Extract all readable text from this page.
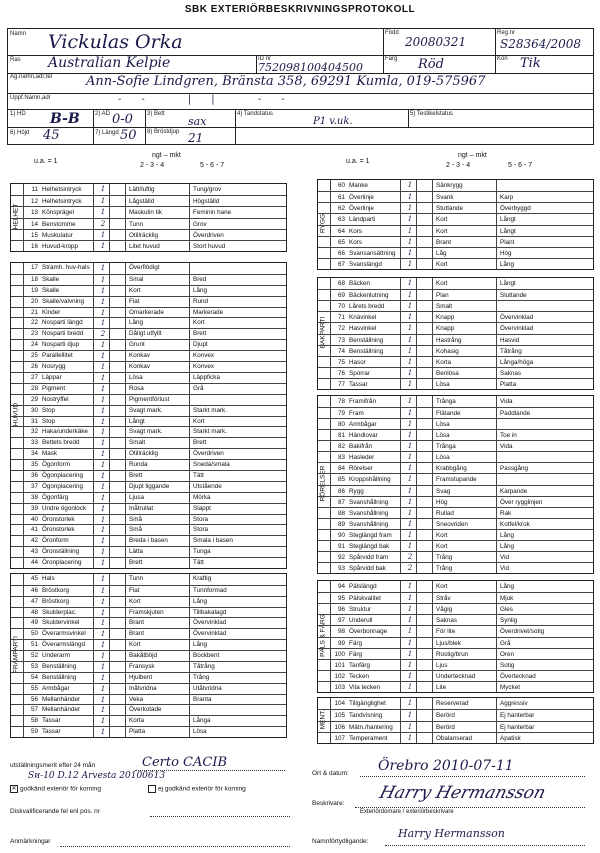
SBK EXTERIÖRBESKRIVNINGSPROTOKOLL
Namn Vickulas Orka	Född
20080321
Reg.nr
S28364/2008
Ras Australian Kelpie	ID nr
752098100404500
Färg Röd	Kön Tik
Ag.namn,adr,tel	Ann-Sofie Lindgren, Bränsta 358, 69291 Kumla, 019-575967
Uppf.Namn,adr	-- || --
1) HD B-B	2) AD 0-0 3) Bett
sax
4) Tandstatus
P1 v.uk.
5) Testikelstatus
6) Höjd 45	7) Längd 50 8) Bröstdjup 21
u.a. = 1
ngt – mkt
2 - 3 - 4	5 - 6 - 7
u.a. = 1
ngt – mkt
2 - 3 - 4	5 - 6 - 7
HELHET
11 Helhetsintryck	1	Lätt/luftig	Tung/grov
12 Helhetsintryck	1	Lågställd	Högställd
13 Könsprägel	1	Maskulin tik	Feminin hane
14 Benstomme	2	Tunn	Grov
15 Muskulatur	1	Otillräcklig	Överdriven
16 Huvud-kropp	1	Litet huvud	Stort huvud
HUVUD
17 Stramh. huv-hals	1	Överflödigt
18 Skalle	1	Smal	Bred
19 Skalle	1	Kort	Lång
20 Skalle/valvning	1	Flat	Rund
21 Kinder	1	Omarkerade	Markerade
22 Nosparti längd	1	Lång	Kort
23 Nosparti bredd	2	Dåligt utfyllt	Brett
24 Nosparti djup	1	Grunt	Djupt
25 Parallellitet	1	Konkav	Konvex
26 Nosrygg	1	Konkav	Konvex
27 Läppar	1	Lösa	Läppficka
28 Pigment	1	Rosa	Grå
29 Nostryffel	1	Pigmentförlust
30 Stop	1	Svagt mark.	Starkt mark.
31 Stop	1	Långt	Kort
32 Haka/underkäke	1	Svagt mark.	Starkt mark.
33 Bettets bredd	1	Smalt	Brett
34 Mask	1	Otillräcklig	Överdriven
35 Ögonform	1	Runda	Sneda/smala
36 Ögonplacering	1	Brett	Tätt
37 Ögonplacering	1	Djupt liggande	Utstående
38 Ögonfärg	1	Ljusa	Mörka
39 Undre ögonlock	1	Inåtrullat	Slappt
40 Öronstorlek	1	Små	Stora
41 Öronstorlek	1	Små	Stora
42 Öronform	1	Breda i basen	Smala i basen
43 Öronställning	1	Lätta	Tunga
44 Öronplacering	1	Brett	Tätt
FRAMPARTI
45 Hals	1	Tunn	Kraftig
46 Bröstkorg	1	Flat	Tunnformad
47 Bröstkorg	1	Kort	Lång
48 Skulderplac.	1	Framskjuten	Tillbakalagd
49 Skuldervinkel	1	Brant	Övervinklad
50 Överarmsvinkel	1	Brant	Övervinklad
51 Överarmslängd	1	Kort	Lång
52 Underarm	1	Bakåtböjd	Bockbent
53 Benställning	1	Fransysk	Tåtrång
54 Benställning	1	Hjulbent	Trång
55 Armbågar	1	Inåtvridna	Utåtvridna
56 Mellanhänder	1	Veka	Branta
57 Mellanhänder	1	Överkotade
58 Tassar	1	Korta	Långa
59 Tassar	1	Platta	Lösa
RYGG
60 Manke	1	Sänkrygg
61 Överlinje	1	Svank	Karp
62 Överlinje	1	Stuttande	Överbyggd
63 Ländparti	1	Kort	Långt
64 Kors	1	Kort	Långt
65 Kors	1	Brant	Plant
66 Svansansättning	1	Låg	Hög
67 Svanslängd	1	Kort	Lång
BAKPARTI
68 Bäcken	1	Kort	Långt
69 Bäckenlutning	1	Plan	Sluttande
70 Lårets bredd	1	Smalt
71 Knävinkel	1	Knapp	Övervinklad
72 Hasvinkel	1	Knapp	Övervinklad
73 Benställning	1	Hastrång	Hasvid
74 Benställning	1	Kohasig	Tåtrång
75 Hasor	1	Korta	Långa/höga
76 Sporrar	1	Benlösa	Saknas
77 Tassar	1	Lösa	Platta
RÖRELSER
78 Framifrån	1	Trånga	Vida
79 Fram	1	Flätande	Paddlande
80 Armbågar	1	Lösa
81 Händlovar	1	Lösa	Toe in
82 Bakifrån	1	Trånga	Vida
83 Hasleder	1	Lösa
84 Rörelser	1	Krabbgång	Passgång
85 Kroppshållning	1	Framstupande
86 Rygg	1	Svag	Karpande
87 Svanshållning	1	Hög	Över rygglinjen
88 Svanshållning	1	Rullad	Rak
89 Svanshållning	1	Sneovriden	Kotfel/krok
90 Steglängd fram	1	Kort	Lång
91 Steglängd bak	1	Kort	Lång
92 Spårvidd fram	2	Trång	Vid
93 Spårvidd bak	2	Trång	Vid
PÄLS & FÄRG
94 Pälslängd	1	Kort	Lång
95 Pälskvalitet	1	Stråv	Mjuk
96 Struktur	1	Vågig	Gles
97 Underull	1	Saknas	Synlig
98 Överbonnage	1	För lite	Överdrivet/sotig
99 Färg	1	Ljus/blek	Grå
100 Färg	1	Rostig/brun	Oren
101 Tanfärg	1	Ljus	Sotig
102 Tecken	1	Undertecknad	Övertecknad
103 Vita tecken	1	Lite	Mycket
MENT.
104 Tillgänglighet	1	Reserverad	Aggressiv
105 Tandvisning	1	Berörd	Ej hanterbar
106 Mätn./hantering	1	Berörd	Ej hanterbar
107 Temperament	1	Obalanserad	Apatisk
utställningsmerit efter 24 mån	Certo CACIB
Sᴎ-10 D.12 Arvesta 20100613
✕ godkänd exteriör för korning	ej godkänd exteriör för korning
Diskvalificerande fel enl pos. nr
Anmärkningar
Ort & datum: Örebro 2010-07-11
Beskrivare:
Harry Hermansson
Exteriördomare / exteriörbeskrivare
Namnförtydligande:
Harry Hermansson
